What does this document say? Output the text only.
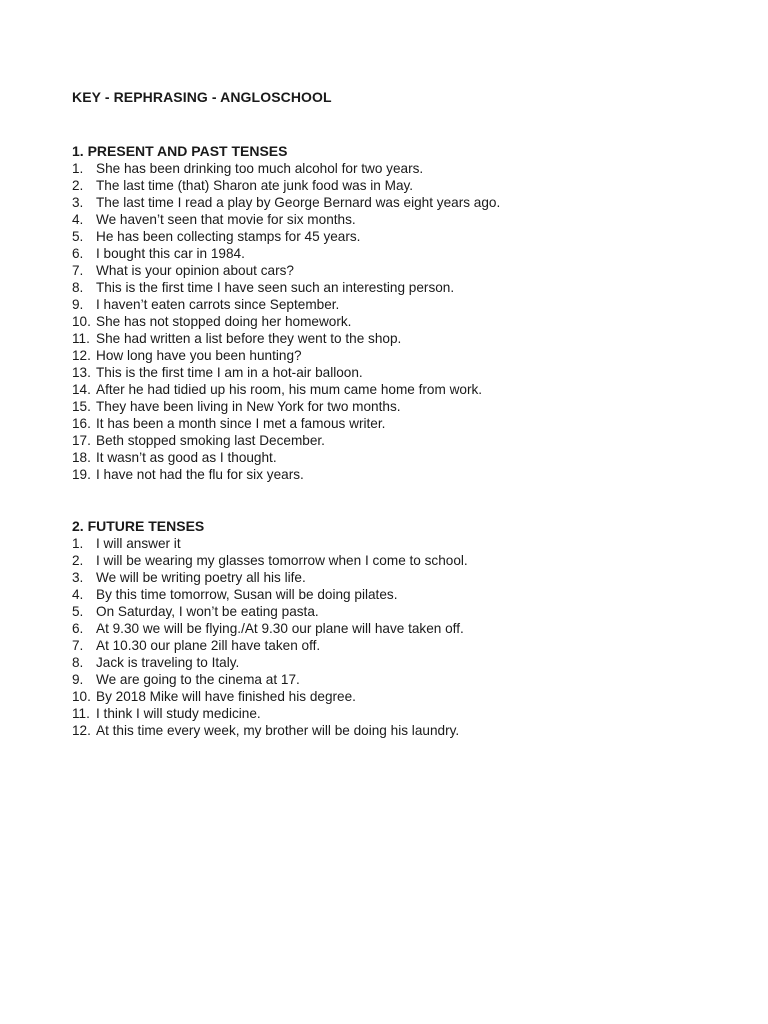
KEY - REPHRASING - ANGLOSCHOOL
1. PRESENT AND PAST TENSES
1. She has been drinking too much alcohol for two years.
2. The last time (that) Sharon ate junk food was in May.
3. The last time I read a play by George Bernard was eight years ago.
4. We haven’t seen that movie for six months.
5. He has been collecting stamps for 45 years.
6. I bought this car in 1984.
7. What is your opinion about cars?
8. This is the first time I have seen such an interesting person.
9. I haven’t eaten carrots since September.
10. She has not stopped doing her homework.
11. She had written a list before they went to the shop.
12. How long have you been hunting?
13. This is the first time I am in a hot-air balloon.
14. After he had tidied up his room, his mum came home from work.
15. They have been living in New York for two months.
16. It has been a month since I met a famous writer.
17. Beth stopped smoking last December.
18. It wasn’t as good as I thought.
19. I have not had the flu for six years.
2. FUTURE TENSES
1. I will answer it
2. I will be wearing my glasses tomorrow when I come to school.
3. We will be writing poetry all his life.
4. By this time tomorrow, Susan will be doing pilates.
5. On Saturday, I won’t be eating pasta.
6. At 9.30 we will be flying./At 9.30 our plane will have taken off.
7. At 10.30 our plane 2ill have taken off.
8. Jack is traveling to Italy.
9. We are going to the cinema at 17.
10. By 2018 Mike will have finished his degree.
11. I think I will study medicine.
12. At this time every week, my brother will be doing his laundry.
